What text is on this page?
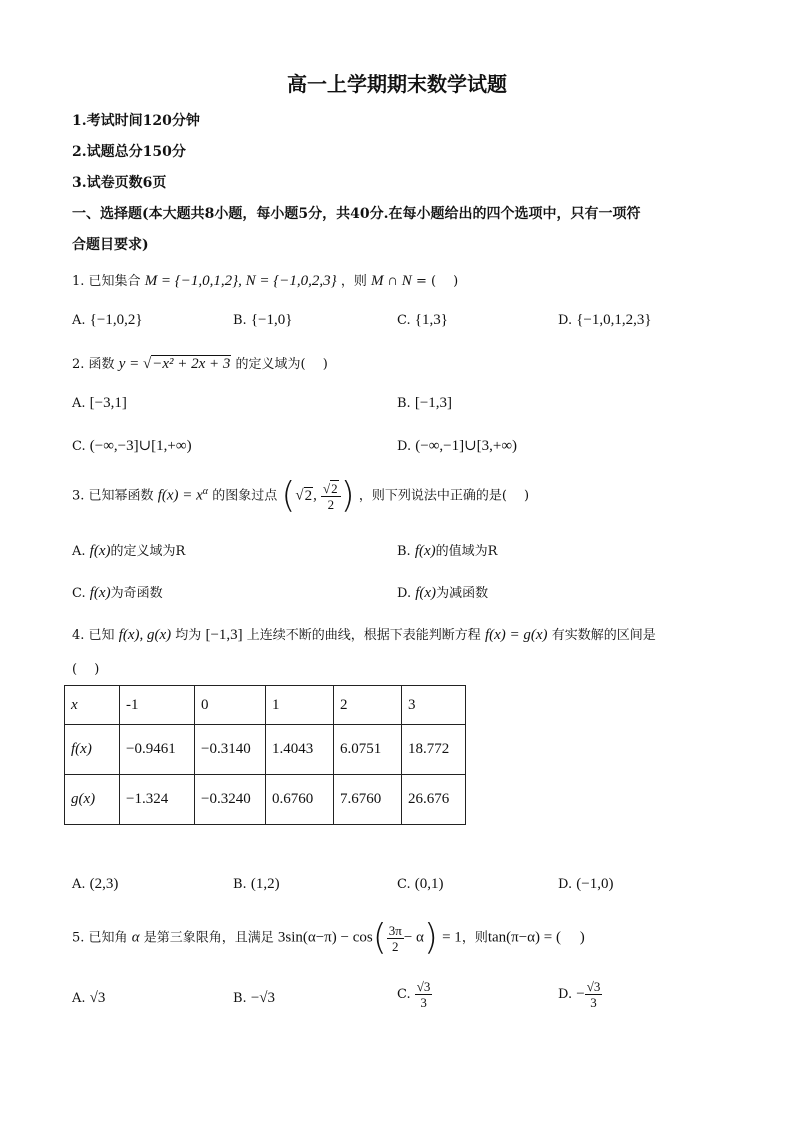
高一上学期期末数学试题
1.考试时间120分钟
2.试题总分150分
3.试卷页数6页
一、选择题(本大题共8小题，每小题5分，共40分.在每小题给出的四个选项中，只有一项符
合题目要求)
1. 已知集合 M = {−1,0,1,2}, N = {−1,0,2,3} ，则 M ∩ N = (　 )
A. {−1,0,2}	B. {−1,0}	C. {1,3}	D. {−1,0,1,2,3}
2. 函数 y = √−x² + 2x + 3 的定义域为(　 )
A. [−3,1]	B. [−1,3]
C. (−∞,−3]∪[1,+∞)	D. (−∞,−1]∪[3,+∞)
3. 已知幂函数 $f(x) = x^\alpha$ 的图象过点 (√2, $\frac{√2}{2}$ ) ，则下列说法中正确的是(　 )
A. f(x)的定义域为R	B. f(x)的值域为R
C. f(x)为奇函数	D. f(x)为减函数
4. 已知 f(x), g(x) 均为 [−1,3] 上连续不断的曲线，根据下表能判断方程 f(x) = g(x) 有实数解的区间是
(　 )
x	-1	0	1	2	3
f(x)	−0.9461	−0.3140	1.4043	6.0751	18.772
g(x)	−1.324	−0.3240	0.6760	7.6760	26.676
A. (2,3)	B. (1,2)	C. (0,1)	D. (−1,0)
5. 已知角 α 是第三象限角，且满足 $3\sin(\alpha-\pi) - \cos( \frac{3\pi}{2} - \alpha) = 1$，则tan(π−α) = (　 )
A. √3	B. −√3	C. $\frac{√3}{3}$	D. − $\frac{√3}{3}$
